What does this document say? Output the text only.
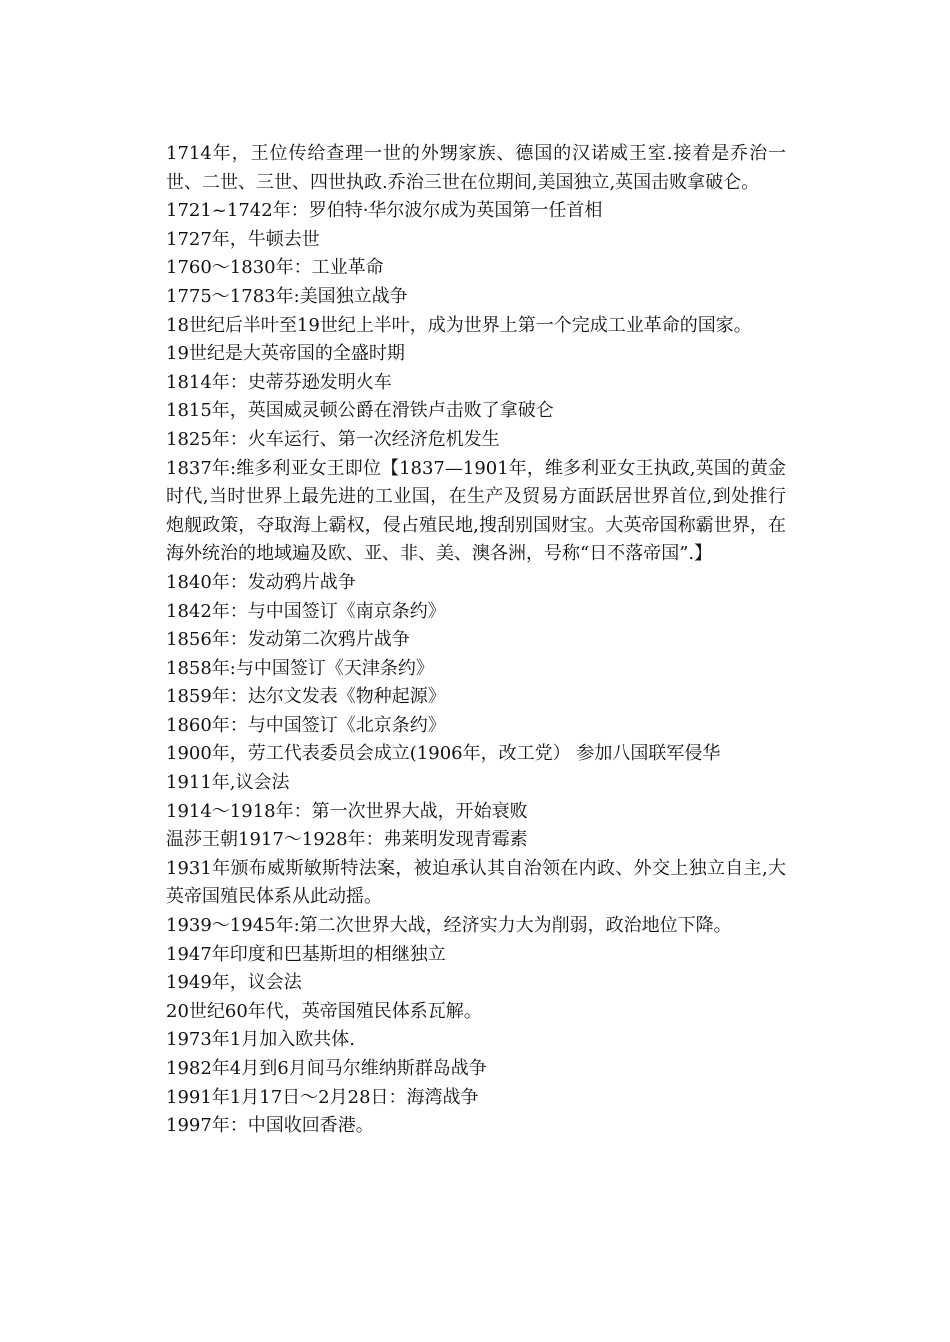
1714年，王位传给查理一世的外甥家族、德国的汉诺威王室.接着是乔治一世、二世、三世、四世执政.乔治三世在位期间,美国独立,英国击败拿破仑。

1721~1742年：罗伯特·华尔波尔成为英国第一任首相

1727年，牛顿去世

1760～1830年：工业革命

1775～1783年:美国独立战争

18世纪后半叶至19世纪上半叶，成为世界上第一个完成工业革命的国家。

19世纪是大英帝国的全盛时期

1814年：史蒂芬逊发明火车

1815年，英国威灵顿公爵在滑铁卢击败了拿破仑

1825年：火车运行、第一次经济危机发生

1837年:维多利亚女王即位【1837—1901年，维多利亚女王执政,英国的黄金时代,当时世界上最先进的工业国，在生产及贸易方面跃居世界首位,到处推行炮舰政策，夺取海上霸权，侵占殖民地,搜刮别国财宝。大英帝国称霸世界，在海外统治的地域遍及欧、亚、非、美、澳各洲，号称“日不落帝国”.】

1840年：发动鸦片战争

1842年：与中国签订《南京条约》

1856年：发动第二次鸦片战争

1858年:与中国签订《天津条约》

1859年：达尔文发表《物种起源》

1860年：与中国签订《北京条约》

1900年，劳工代表委员会成立(1906年，改工党） 参加八国联军侵华

1911年,议会法

1914～1918年：第一次世界大战，开始衰败

温莎王朝1917～1928年：弗莱明发现青霉素

1931年颁布威斯敏斯特法案，被迫承认其自治领在内政、外交上独立自主,大英帝国殖民体系从此动摇。

1939～1945年:第二次世界大战，经济实力大为削弱，政治地位下降。

1947年印度和巴基斯坦的相继独立

1949年，议会法

20世纪60年代，英帝国殖民体系瓦解。

1973年1月加入欧共体.

1982年4月到6月间马尔维纳斯群岛战争

1991年1月17日～2月28日：海湾战争

1997年：中国收回香港。
